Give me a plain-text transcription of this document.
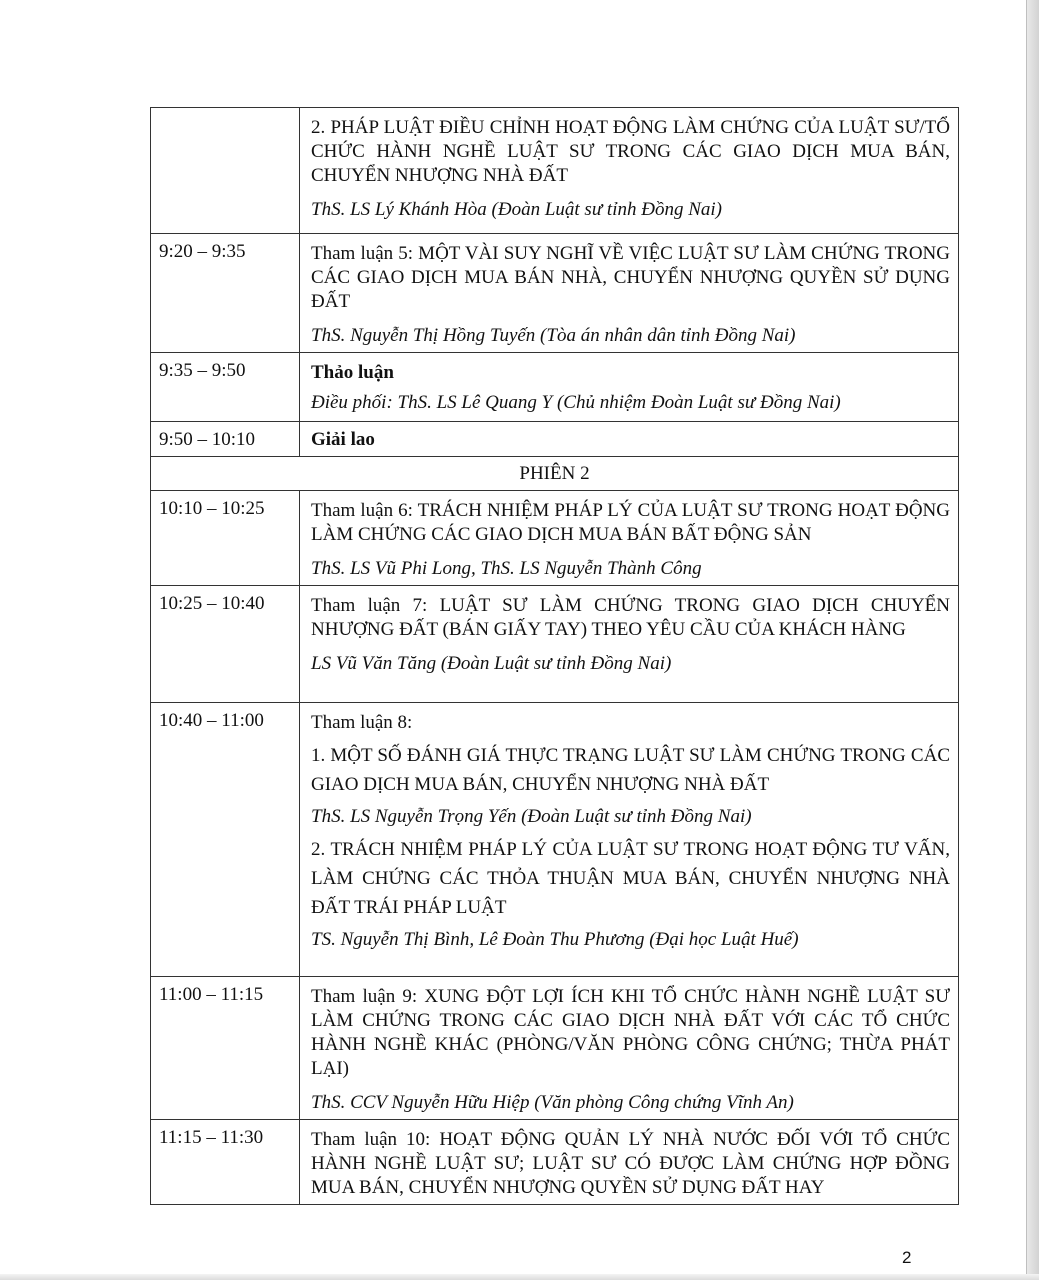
	2. PHÁP LUẬT ĐIỀU CHỈNH HOẠT ĐỘNG LÀM CHỨNG CỦA LUẬT SƯ/TỔ CHỨC HÀNH NGHỀ LUẬT SƯ TRONG CÁC GIAO DỊCH MUA BÁN, CHUYỂN NHƯỢNG NHÀ ĐẤT

ThS. LS Lý Khánh Hòa (Đoàn Luật sư tỉnh Đồng Nai)

9:20 – 9:35	Tham luận 5: MỘT VÀI SUY NGHĨ VỀ VIỆC LUẬT SƯ LÀM CHỨNG TRONG CÁC GIAO DỊCH MUA BÁN NHÀ, CHUYỂN NHƯỢNG QUYỀN SỬ DỤNG ĐẤT

ThS. Nguyễn Thị Hồng Tuyến (Tòa án nhân dân tỉnh Đồng Nai)

9:35 – 9:50	Thảo luận

Điều phối: ThS. LS Lê Quang Y (Chủ nhiệm Đoàn Luật sư Đồng Nai)

9:50 – 10:10	Giải lao

PHIÊN 2	
10:10 – 10:25	Tham luận 6: TRÁCH NHIỆM PHÁP LÝ CỦA LUẬT SƯ TRONG HOẠT ĐỘNG LÀM CHỨNG CÁC GIAO DỊCH MUA BÁN BẤT ĐỘNG SẢN

ThS. LS Vũ Phi Long, ThS. LS Nguyễn Thành Công

10:25 – 10:40	Tham luận 7: LUẬT SƯ LÀM CHỨNG TRONG GIAO DỊCH CHUYỂN NHƯỢNG ĐẤT (BÁN GIẤY TAY) THEO YÊU CẦU CỦA KHÁCH HÀNG

LS Vũ Văn Tăng (Đoàn Luật sư tỉnh Đồng Nai)

10:40 – 11:00	Tham luận 8:

1. MỘT SỐ ĐÁNH GIÁ THỰC TRẠNG LUẬT SƯ LÀM CHỨNG TRONG CÁC GIAO DỊCH MUA BÁN, CHUYỂN NHƯỢNG NHÀ ĐẤT

ThS. LS Nguyễn Trọng Yến (Đoàn Luật sư tỉnh Đồng Nai)

2. TRÁCH NHIỆM PHÁP LÝ CỦA LUẬT SƯ TRONG HOẠT ĐỘNG TƯ VẤN, LÀM CHỨNG CÁC THỎA THUẬN MUA BÁN, CHUYỂN NHƯỢNG NHÀ ĐẤT TRÁI PHÁP LUẬT

TS. Nguyễn Thị Bình, Lê Đoàn Thu Phương (Đại học Luật Huế)

11:00 – 11:15	Tham luận 9: XUNG ĐỘT LỢI ÍCH KHI TỔ CHỨC HÀNH NGHỀ LUẬT SƯ LÀM CHỨNG TRONG CÁC GIAO DỊCH NHÀ ĐẤT VỚI CÁC TỔ CHỨC HÀNH NGHỀ KHÁC (PHÒNG/VĂN PHÒNG CÔNG CHỨNG; THỪA PHÁT LẠI)

ThS. CCV Nguyễn Hữu Hiệp (Văn phòng Công chứng Vĩnh An)

11:15 – 11:30	Tham luận 10: HOẠT ĐỘNG QUẢN LÝ NHÀ NƯỚC ĐỐI VỚI TỔ CHỨC HÀNH NGHỀ LUẬT SƯ; LUẬT SƯ CÓ ĐƯỢC LÀM CHỨNG HỢP ĐỒNG MUA BÁN, CHUYỂN NHƯỢNG QUYỀN SỬ DỤNG ĐẤT HAY

2
